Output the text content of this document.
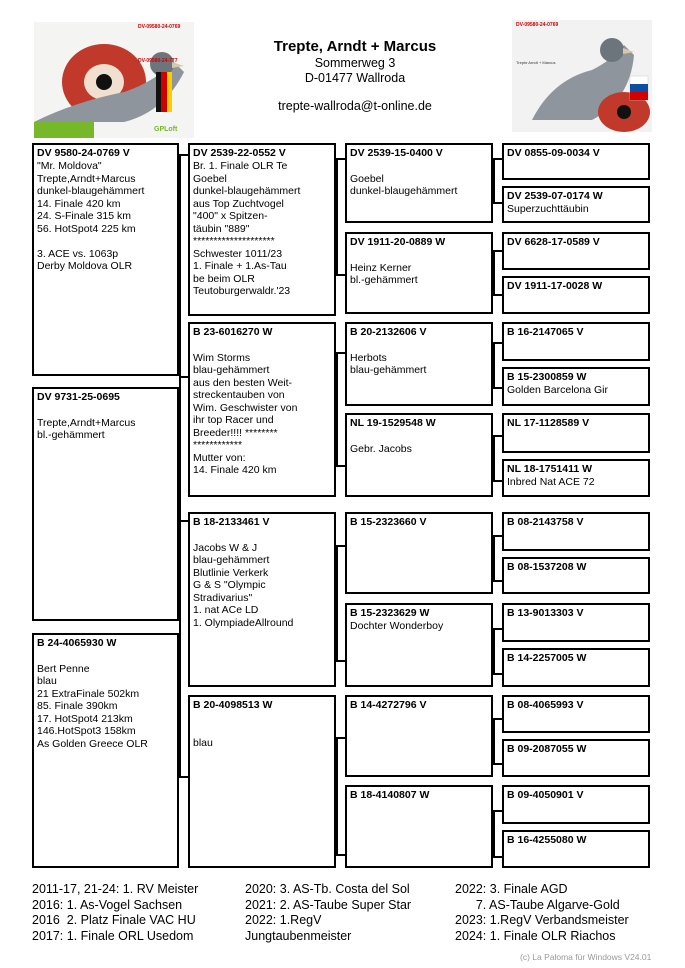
DV-09580-24-0769
DV-09580-24-777
GPLoft
DV-09580-24-0769
Trepte Arndt + Marcus
Trepte, Arndt + Marcus
Sommerweg 3
D-01477 Wallroda
trepte-wallroda@t-online.de
DV 9580-24-0769 V
"Mr. Moldova"
Trepte,Arndt+Marcus
dunkel-blaugehämmert
14. Finale 420 km
24. S-Finale 315 km
56. HotSpot4 225 km

3. ACE vs. 1063p
Derby Moldova OLR
DV 9731-25-0695

Trepte,Arndt+Marcus
bl.-gehämmert
B 24-4065930 W

Bert Penne
blau
21 ExtraFinale 502km
85. Finale 390km
17. HotSpot4 213km
146.HotSpot3 158km
As Golden Greece OLR
DV 2539-22-0552 V
Br. 1. Finale OLR Te
Goebel
dunkel-blaugehämmert
aus Top Zuchtvogel
"400" x Spitzen-
täubin "889"
********************
Schwester 1011/23
1. Finale + 1.As-Tau
be beim OLR
Teutoburgerwaldr.'23
B 23-6016270 W

Wim Storms
blau-gehämmert
aus den besten Weit-
streckentauben von
Wim. Geschwister von
ihr top Racer und
Breeder!!!! ********
************
Mutter von:
14. Finale 420 km
B 18-2133461 V

Jacobs W & J
blau-gehämmert
Blutlinie Verkerk
G & S "Olympic
Stradivarius"
1. nat ACe LD
1. OlympiadeAllround
B 20-4098513 W

blau
DV 2539-15-0400 V

Goebel
dunkel-blaugehämmert
DV 1911-20-0889 W

Heinz Kerner
bl.-gehämmert
B 20-2132606 V

Herbots
blau-gehämmert
NL 19-1529548 W

Gebr. Jacobs
B 15-2323660 V
B 15-2323629 W
Dochter Wonderboy
B 14-4272796 V
B 18-4140807 W
DV 0855-09-0034 V
DV 2539-07-0174 W
Superzuchttäubin
DV 6628-17-0589 V
DV 1911-17-0028 W
B 16-2147065 V
B 15-2300859 W
Golden Barcelona Gir
NL 17-1128589 V
NL 18-1751411 W
Inbred Nat ACE 72
B 08-2143758 V
B 08-1537208 W
B 13-9013303 V
B 14-2257005 W
B 08-4065993 V
B 09-2087055 W
B 09-4050901 V
B 16-4255080 W
2011-17, 21-24: 1. RV Meister
2016: 1. As-Vogel Sachsen
2016  2. Platz Finale VAC HU
2017: 1. Finale ORL Usedom
2020: 3. AS-Tb. Costa del Sol
2021: 2. AS-Taube Super Star
2022: 1.RegV
Jungtaubenmeister
2022: 3. Finale AGD
7. AS-Taube Algarve-Gold
2023: 1.RegV Verbandsmeister
2024: 1. Finale OLR Riachos
(c) La Paloma für Windows V24.01
